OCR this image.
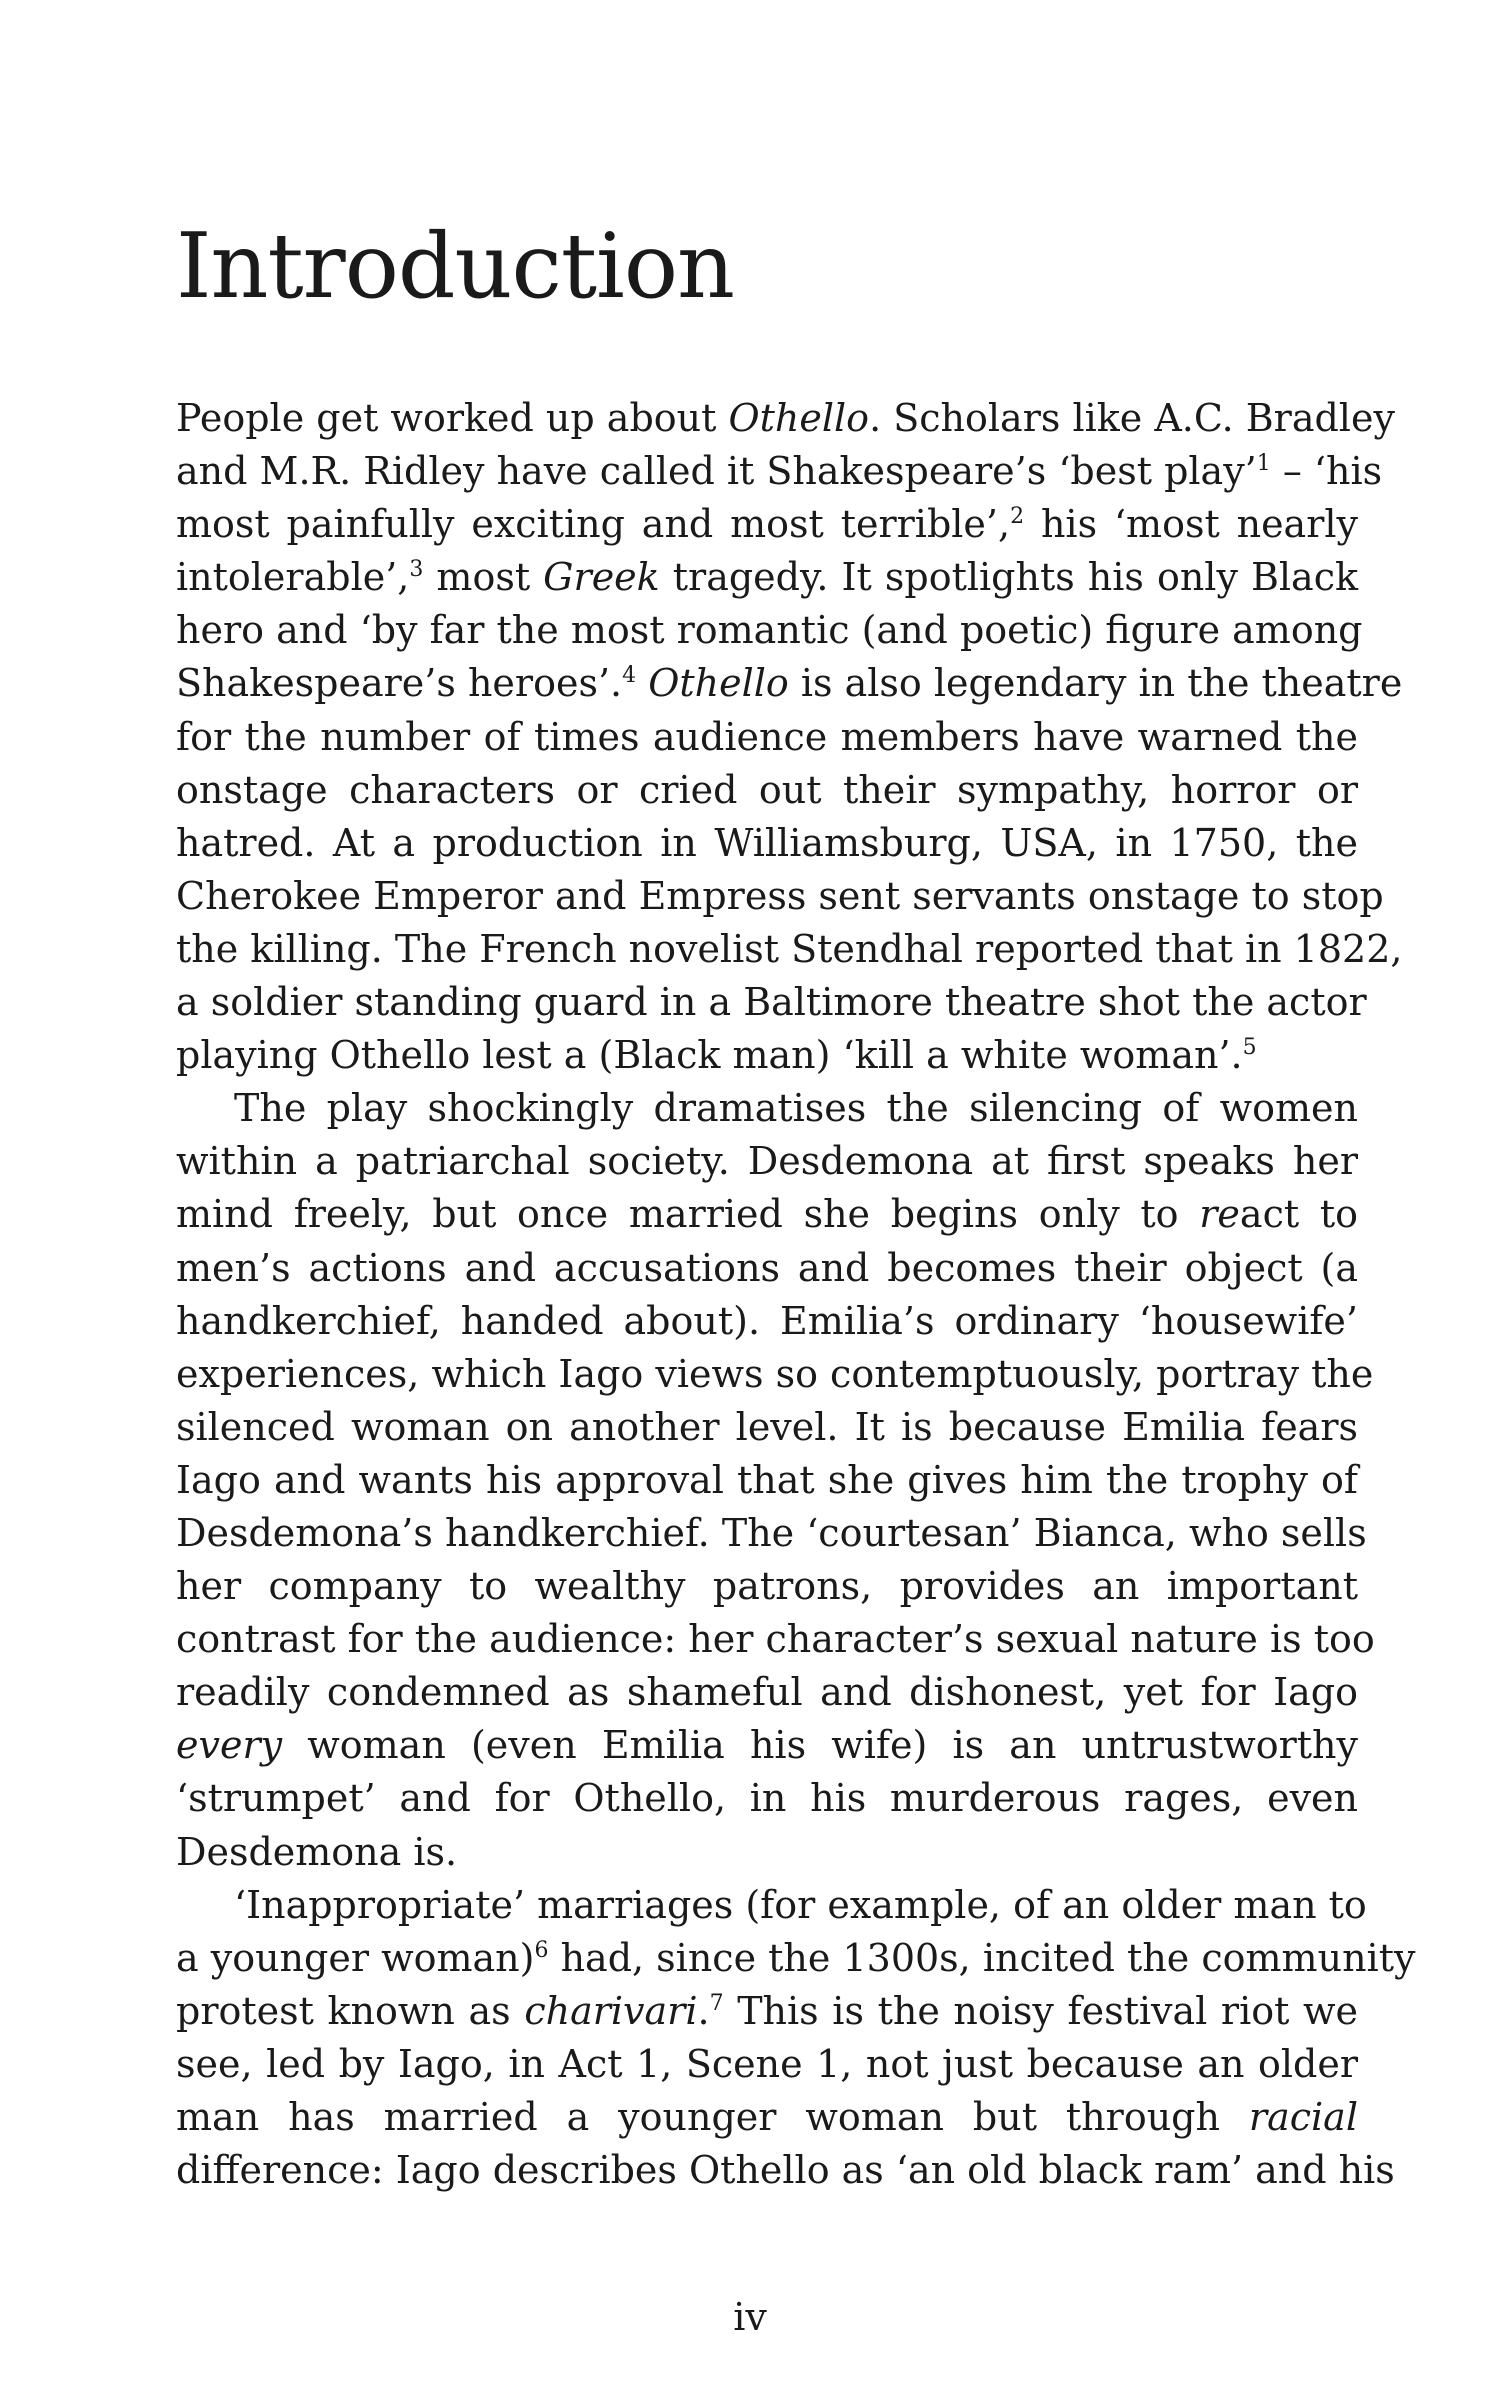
Introduction
People get worked up about Othello. Scholars like A.C. Bradley
and M.R. Ridley have called it Shakespeare’s ‘best play’$^1$ – ‘his
most painfully exciting and most terrible’,$^2$ his ‘most nearly
intolerable’,$^3$ most Greek tragedy. It spotlights his only Black
hero and ‘by far the most romantic (and poetic) figure among
Shakespeare’s heroes’.$^4$ Othello is also legendary in the theatre
for the number of times audience members have warned the
onstage characters or cried out their sympathy, horror or
hatred. At a production in Williamsburg, USA, in 1750, the
Cherokee Emperor and Empress sent servants onstage to stop
the killing. The French novelist Stendhal reported that in 1822,
a soldier standing guard in a Baltimore theatre shot the actor
playing Othello lest a (Black man) ‘kill a white woman’.$^5$
The play shockingly dramatises the silencing of women
within a patriarchal society. Desdemona at first speaks her
mind freely, but once married she begins only to react to
men’s actions and accusations and becomes their object (a
handkerchief, handed about). Emilia’s ordinary ‘housewife’
experiences, which Iago views so contemptuously, portray the
silenced woman on another level. It is because Emilia fears
Iago and wants his approval that she gives him the trophy of
Desdemona’s handkerchief. The ‘courtesan’ Bianca, who sells
her company to wealthy patrons, provides an important
contrast for the audience: her character’s sexual nature is too
readily condemned as shameful and dishonest, yet for Iago
every woman (even Emilia his wife) is an untrustworthy
‘strumpet’ and for Othello, in his murderous rages, even
Desdemona is.
‘Inappropriate’ marriages (for example, of an older man to
a younger woman)$^6$ had, since the 1300s, incited the community
protest known as charivari.$^7$ This is the noisy festival riot we
see, led by Iago, in Act 1, Scene 1, not just because an older
man has married a younger woman but through racial
difference: Iago describes Othello as ‘an old black ram’ and his
iv
